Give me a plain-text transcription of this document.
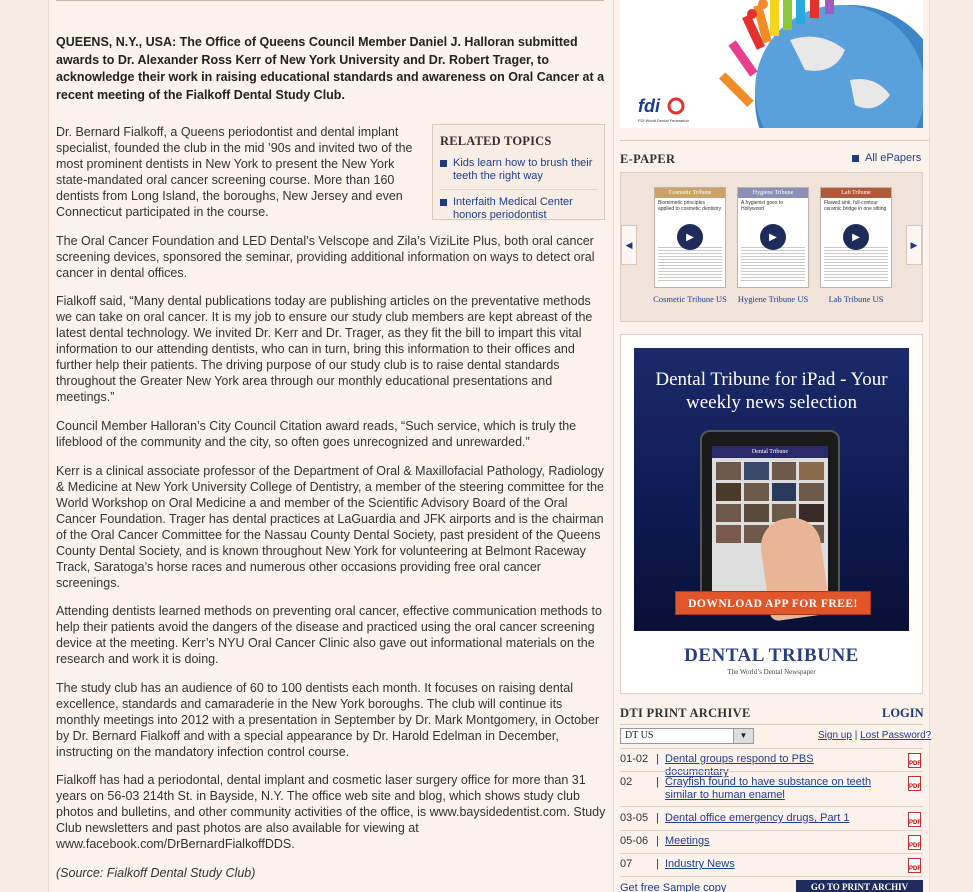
QUEENS, N.Y., USA: The Office of Queens Council Member Daniel J. Halloran submitted awards to Dr. Alexander Ross Kerr of New York University and Dr. Robert Trager, to acknowledge their work in raising educational standards and awareness on Oral Cancer at a recent meeting of the Fialkoff Dental Study Club.

Dr. Bernard Fialkoff, a Queens periodontist and dental implant specialist, founded the club in the mid ’90s and invited two of the most prominent dentists in New York to present the New York state-mandated oral cancer screening course. More than 160 dentists from Long Island, the boroughs, New Jersey and even Connecticut participated in the course.

RELATED TOPICS
Kids learn how to brush their teeth the right way
Interfaith Medical Center honors periodontist

The Oral Cancer Foundation and LED Dental’s Velscope and Zila’s ViziLite Plus, both oral cancer screening devices, sponsored the seminar, providing additional information on ways to detect oral cancer in dental offices.

Fialkoff said, “Many dental publications today are publishing articles on the preventative methods we can take on oral cancer. It is my job to ensure our study club members are kept abreast of the latest dental technology. We invited Dr. Kerr and Dr. Trager, as they fit the bill to impart this vital information to our attending dentists, who can in turn, bring this information to their offices and further help their patients. The driving purpose of our study club is to raise dental standards throughout the Greater New York area through our monthly educational presentations and meetings.”

Council Member Halloran’s City Council Citation award reads, “Such service, which is truly the lifeblood of the community and the city, so often goes unrecognized and unrewarded.”

Kerr is a clinical associate professor of the Department of Oral & Maxillofacial Pathology, Radiology & Medicine at New York University College of Dentistry, a member of the steering committee for the World Workshop on Oral Medicine a and member of the Scientific Advisory Board of the Oral Cancer Foundation. Trager has dental practices at LaGuardia and JFK airports and is the chairman of the Oral Cancer Committee for the Nassau County Dental Society, past president of the Queens County Dental Society, and is known throughout New York for volunteering at Belmont Raceway Track, Saratoga’s horse races and numerous other occasions providing free oral cancer screenings.

Attending dentists learned methods on preventing oral cancer, effective communication methods to help their patients avoid the dangers of the disease and practiced using the oral cancer screening device at the meeting. Kerr’s NYU Oral Cancer Clinic also gave out informational materials on the research and work it is doing.

The study club has an audience of 60 to 100 dentists each month. It focuses on raising dental excellence, standards and camaraderie in the New York boroughs. The club will continue its monthly meetings into 2012 with a presentation in September by Dr. Mark Montgomery, in October by Dr. Bernard Fialkoff and with a special appearance by Dr. Harold Edelman in December, instructing on the mandatory infection control course.

Fialkoff has had a periodontal, dental implant and cosmetic laser surgery office for more than 31 years on 56-03 214th St. in Bayside, N.Y. The office web site and blog, which shows study club photos and bulletins, and other community activities of the office, is www.baysidedentist.com. Study Club newsletters and past photos are also available for viewing at www.facebook.com/DrBernardFialkoffDDS.

(Source: Fialkoff Dental Study Club)

fdi
FDI World Dental Federation
E-PAPER	All ePapers
◀	▶
Cosmetic Tribune
Biomimetic principles applied to cosmetic dentistry
▶
Cosmetic Tribune US
Hygiene Tribune
A hygienist goes to Hollywood
▶
Hygiene Tribune US
Lab Tribune
Flawed sink, full-contour ceramic bridge in one sitting
▶
Lab Tribune US
Dental Tribune for iPad - Your weekly news selection
Dental Tribune
DOWNLOAD APP FOR FREE!
DENTAL TRIBUNE
The World’s Dental Newspaper
DTI PRINT ARCHIVE	LOGIN
DT US	▼	Sign up | Lost Password?
01-02 | Dental groups respond to PBS documentary
PDF
02 | Crayfish found to have substance on teeth similar to human enamel
PDF
03-05 | Dental office emergency drugs, Part 1	PDF
05-06 | Meetings	PDF
07 | Industry News	PDF
Get free Sample copy	GO TO PRINT ARCHIV
